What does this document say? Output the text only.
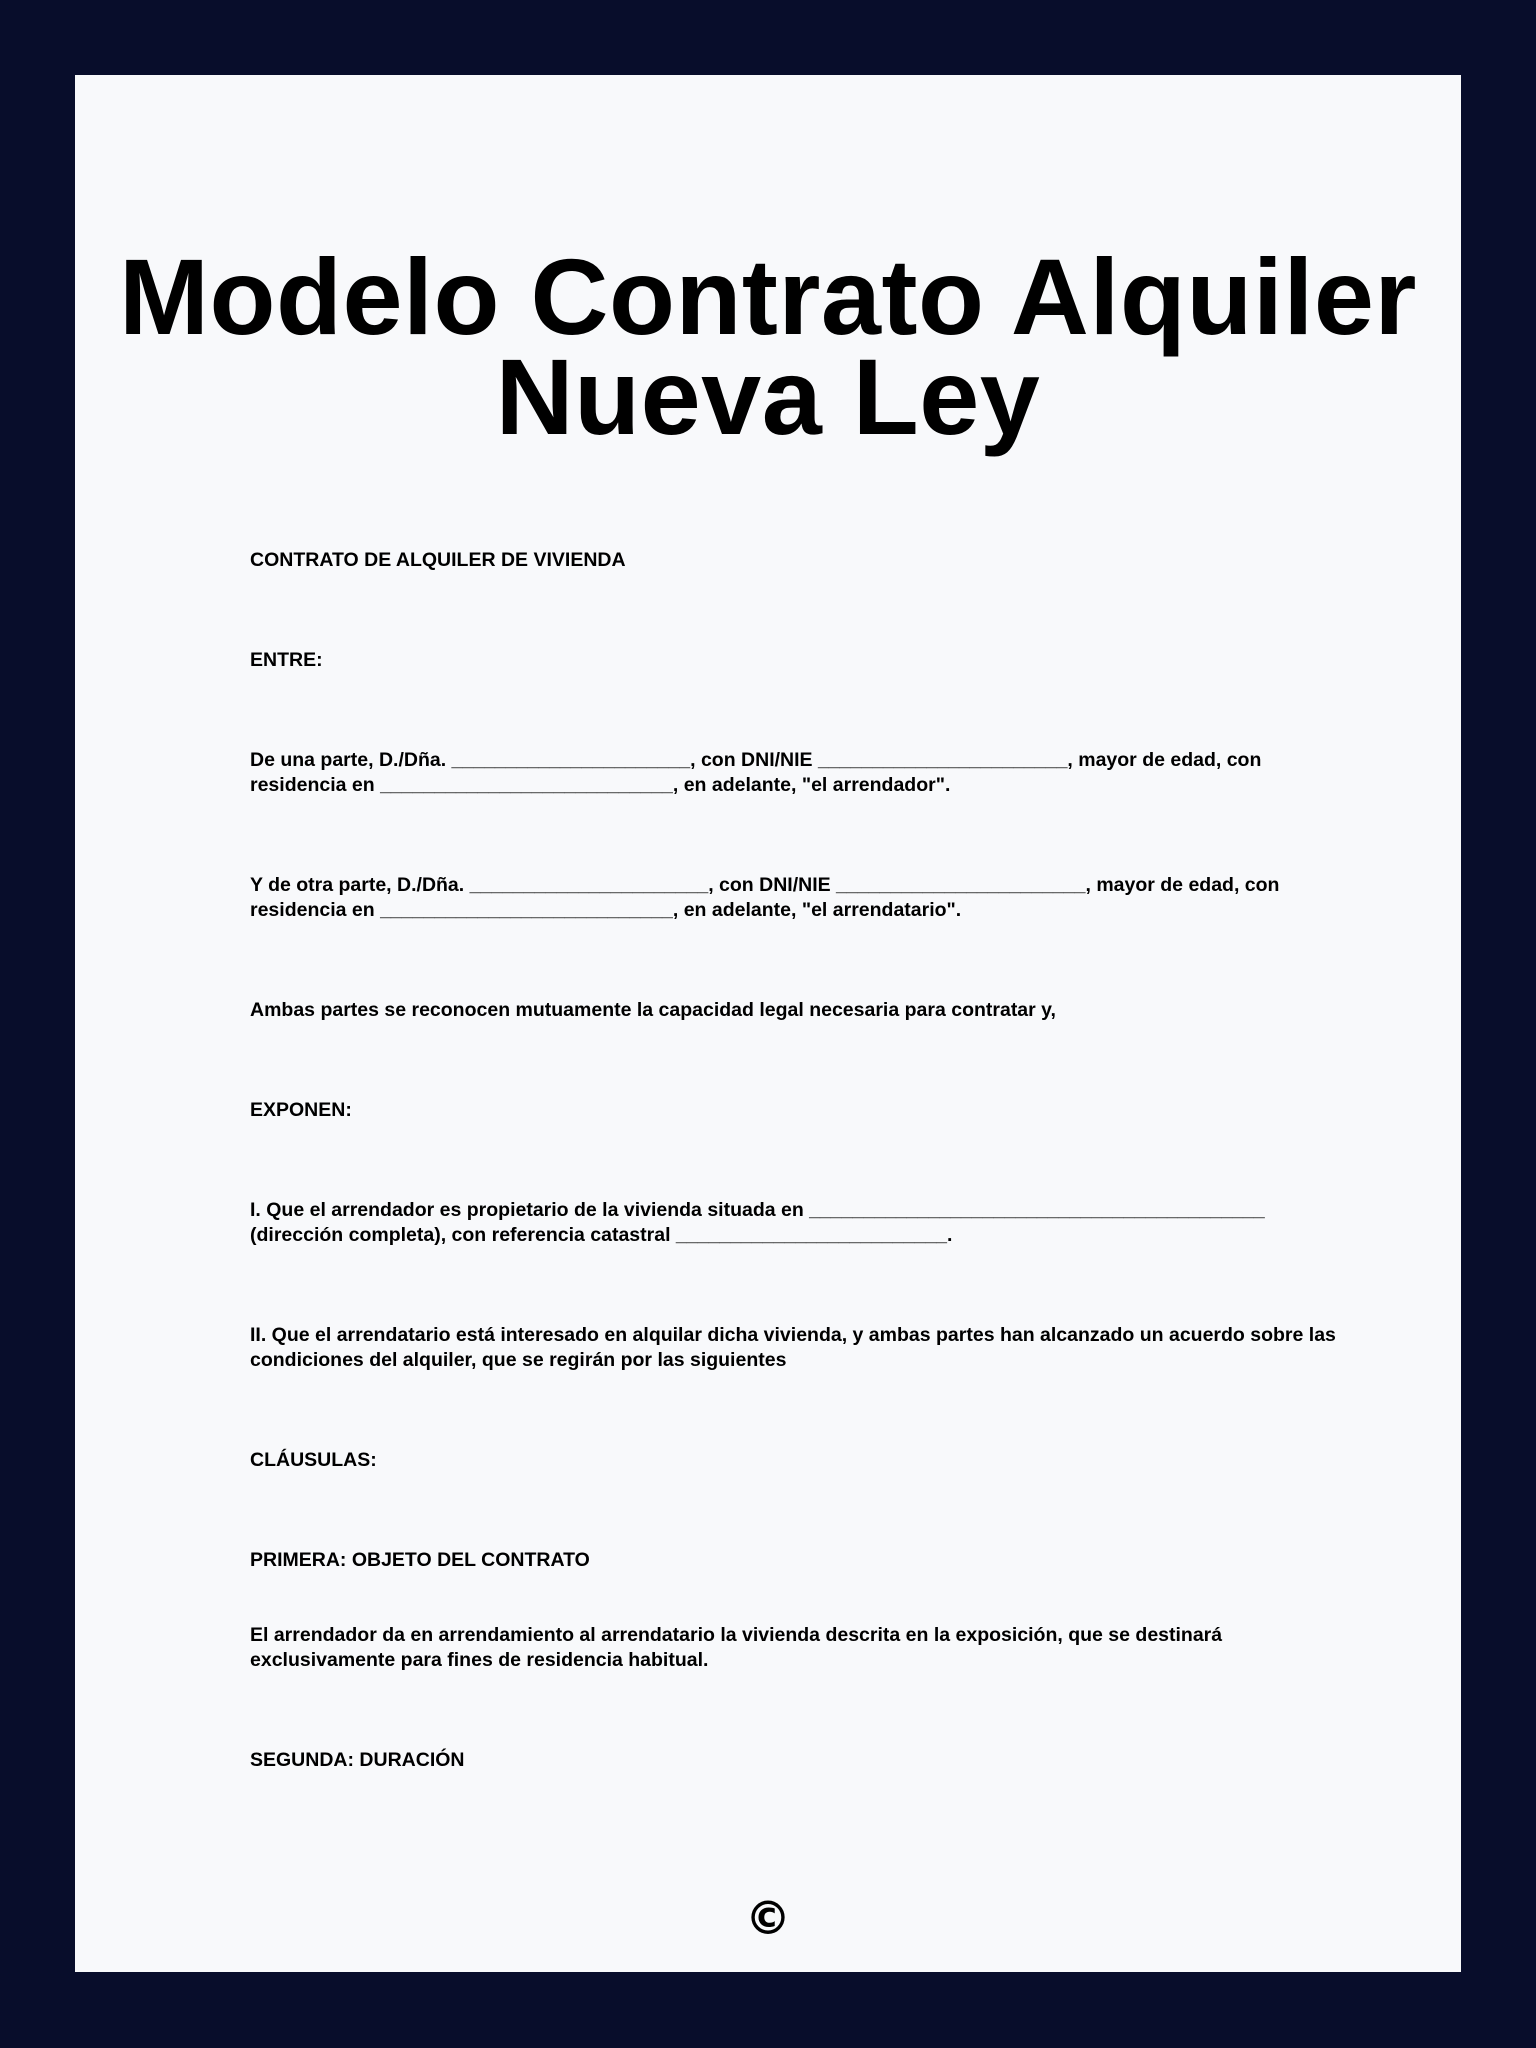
Modelo Contrato Alquiler Nueva Ley

CONTRATO DE ALQUILER DE VIVIENDA

ENTRE:

De una parte, D./Dña. ______________________, con DNI/NIE _______________________, mayor de edad, con residencia en ___________________________, en adelante, "el arrendador".

Y de otra parte, D./Dña. ______________________, con DNI/NIE _______________________, mayor de edad, con residencia en ___________________________, en adelante, "el arrendatario".

Ambas partes se reconocen mutuamente la capacidad legal necesaria para contratar y,

EXPONEN:

I. Que el arrendador es propietario de la vivienda situada en __________________________________________ (dirección completa), con referencia catastral _________________________.

II. Que el arrendatario está interesado en alquilar dicha vivienda, y ambas partes han alcanzado un acuerdo sobre las condiciones del alquiler, que se regirán por las siguientes

CLÁUSULAS:

PRIMERA: OBJETO DEL CONTRATO

El arrendador da en arrendamiento al arrendatario la vivienda descrita en la exposición, que se destinará exclusivamente para fines de residencia habitual.

SEGUNDA: DURACIÓN

©
